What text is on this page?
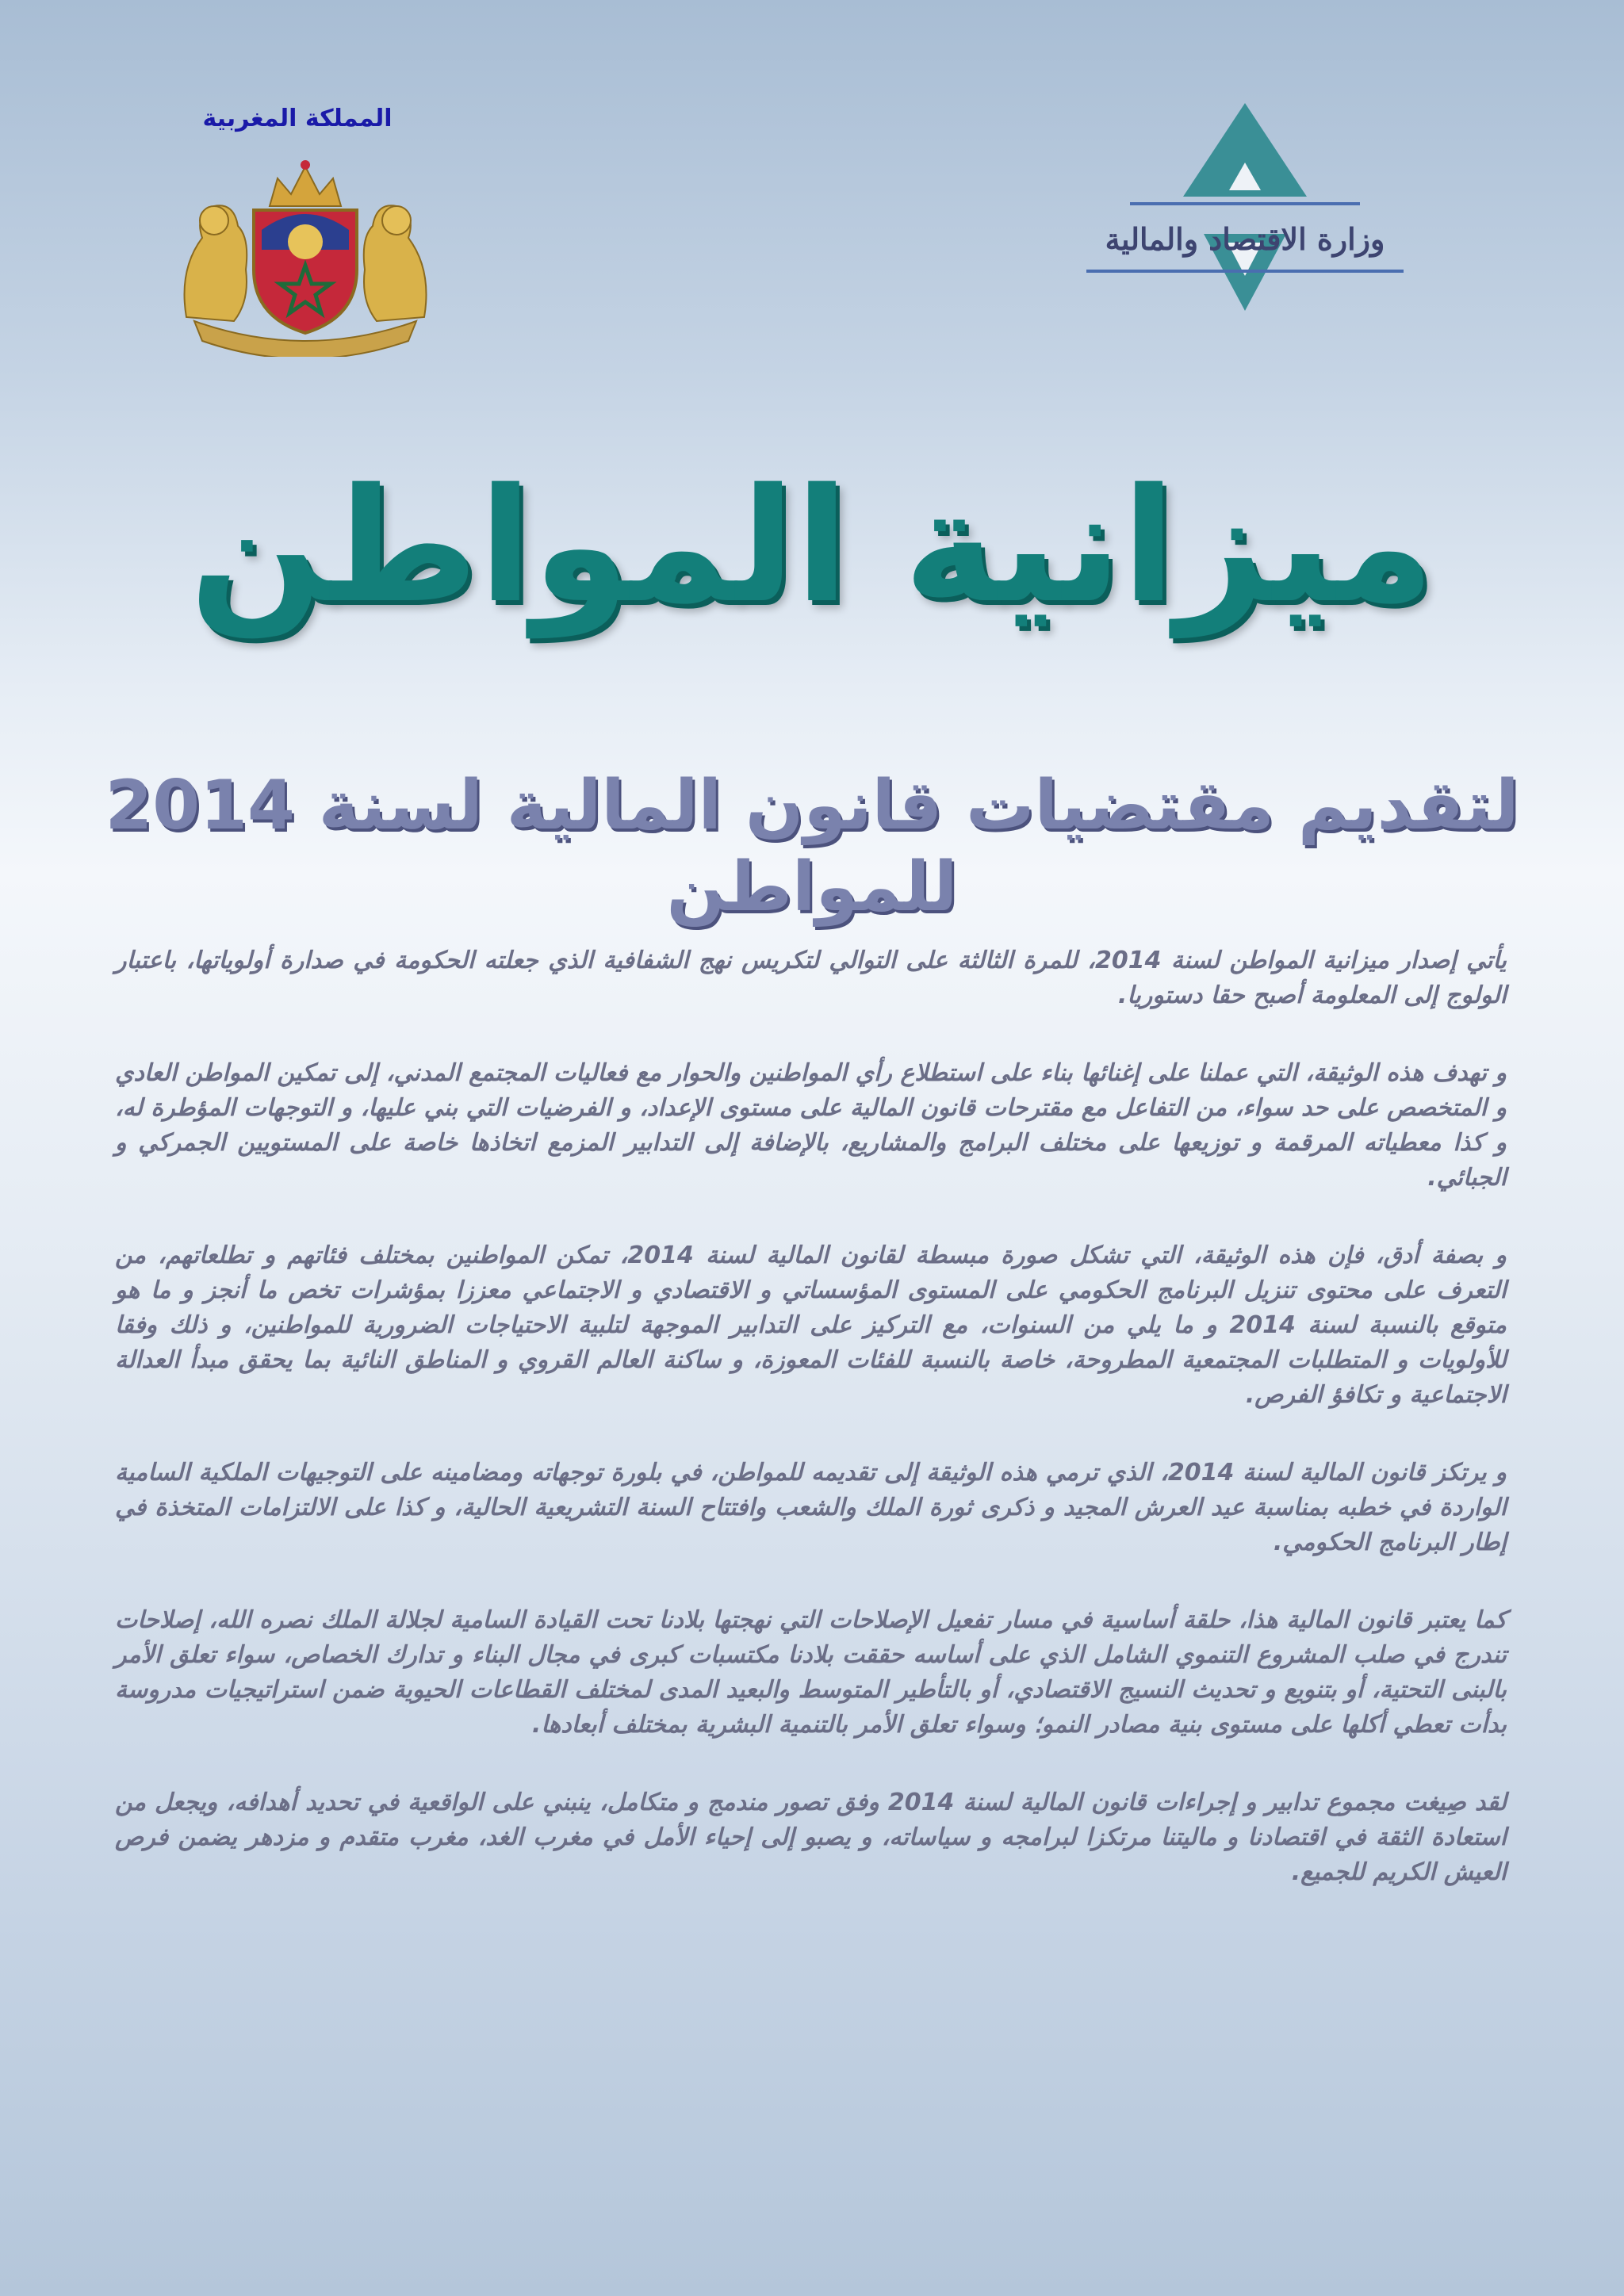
المملكة المغربية
وزارة الاقتصاد والمالية
ميزانية المواطن
لتقديم مقتضيات قانون المالية لسنة 2014 للمواطن

يأتي إصدار ميزانية المواطن لسنة 2014، للمرة الثالثة على التوالي لتكريس نهج الشفافية الذي جعلته الحكومة في صدارة أولوياتها، باعتبار الولوج إلى المعلومة أصبح حقا دستوريا.

و تهدف هذه الوثيقة، التي عملنا على إغنائها بناء على استطلاع رأي المواطنين والحوار مع فعاليات المجتمع المدني، إلى تمكين المواطن العادي و المتخصص على حد سواء، من التفاعل مع مقترحات قانون المالية على مستوى الإعداد، و الفرضيات التي بني عليها، و التوجهات المؤطرة له، و كذا معطياته المرقمة و توزيعها على مختلف البرامج والمشاريع، بالإضافة إلى التدابير المزمع اتخاذها خاصة على المستويين الجمركي و الجبائي.

و بصفة أدق، فإن هذه الوثيقة، التي تشكل صورة مبسطة لقانون المالية لسنة 2014، تمكن المواطنين بمختلف فئاتهم و تطلعاتهم، من التعرف على محتوى تنزيل البرنامج الحكومي على المستوى المؤسساتي و الاقتصادي و الاجتماعي معززا بمؤشرات تخص ما أنجز و ما هو متوقع بالنسبة لسنة 2014 و ما يلي من السنوات، مع التركيز على التدابير الموجهة لتلبية الاحتياجات الضرورية للمواطنين، و ذلك وفقا للأولويات و المتطلبات المجتمعية المطروحة، خاصة بالنسبة للفئات المعوزة، و ساكنة العالم القروي و المناطق النائية بما يحقق مبدأ العدالة الاجتماعية و تكافؤ الفرص.

و يرتكز قانون المالية لسنة 2014، الذي ترمي هذه الوثيقة إلى تقديمه للمواطن، في بلورة توجهاته ومضامينه على التوجيهات الملكية السامية الواردة في خطبه بمناسبة عيد العرش المجيد و ذكرى ثورة الملك والشعب وافتتاح السنة التشريعية الحالية، و كذا على الالتزامات المتخذة في إطار البرنامج الحكومي.

كما يعتبر قانون المالية هذا، حلقة أساسية في مسار تفعيل الإصلاحات التي نهجتها بلادنا تحت القيادة السامية لجلالة الملك نصره الله، إصلاحات تندرج في صلب المشروع التنموي الشامل الذي على أساسه حققت بلادنا مكتسبات كبرى في مجال البناء و تدارك الخصاص، سواء تعلق الأمر بالبنى التحتية، أو بتنويع و تحديث النسيج الاقتصادي، أو بالتأطير المتوسط والبعيد المدى لمختلف القطاعات الحيوية ضمن استراتيجيات مدروسة بدأت تعطي أكلها على مستوى بنية مصادر النمو؛ وسواء تعلق الأمر بالتنمية البشرية بمختلف أبعادها.

لقد صِيغت مجموع تدابير و إجراءات قانون المالية لسنة 2014 وفق تصور مندمج و متكامل، ينبني على الواقعية في تحديد أهدافه، ويجعل من استعادة الثقة في اقتصادنا و ماليتنا مرتكزا لبرامجه و سياساته، و يصبو إلى إحياء الأمل في مغرب الغد، مغرب متقدم و مزدهر يضمن فرص العيش الكريم للجميع.
